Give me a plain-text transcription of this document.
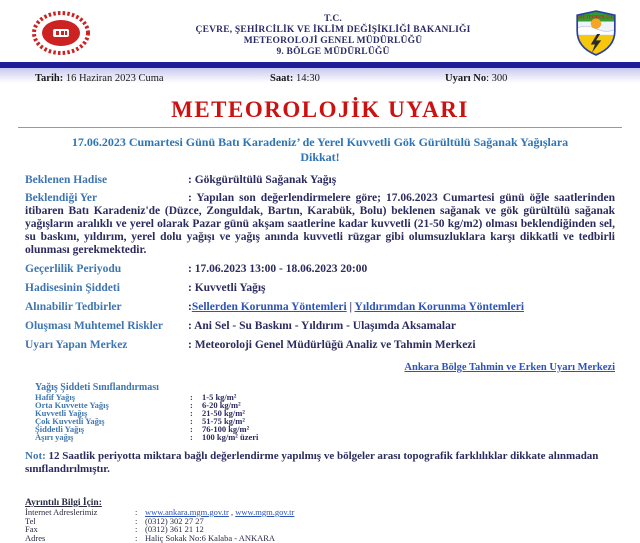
T.C.
ÇEVRE, ŞEHİRCİLİK VE İKLİM DEĞİŞİKLİĞİ BAKANLIĞI
METEOROLOJİ GENEL MÜDÜRLÜĞÜ
9. BÖLGE MÜDÜRLÜĞÜ
METEOROLOJİ
Tarih: 16 Haziran 2023 Cuma	Saat: 14:30	Uyarı No: 300
METEOROLOJİK UYARI
17.06.2023 Cumartesi Günü Batı Karadeniz’ de Yerel Kuvvetli Gök Gürültülü Sağanak Yağışlara Dikkat!
Beklenen Hadise	: Gökgürültülü Sağanak Yağış
Beklendiği Yer	: Yapılan son değerlendirmelere göre; 17.06.2023 Cumartesi günü öğle saatlerinden itibaren Batı Karadeniz'de (Düzce, Zonguldak, Bartın, Karabük, Bolu) beklenen sağanak ve gök gürültülü sağanak yağışların aralıklı ve yerel olarak Pazar günü akşam saatlerine kadar kuvvetli (21-50 kg/m2) olması beklendiğinden sel, su baskını, yıldırım, yerel dolu yağışı ve yağış anında kuvvetli rüzgar gibi olumsuzluklara karşı dikkatli ve tedbirli olunması gerekmektedir.
Geçerlilik Periyodu	: 17.06.2023 13:00 - 18.06.2023 20:00
Hadisesinin Şiddeti	: Kuvvetli Yağış
Alınabilir Tedbirler	:Sellerden Korunma Yöntemleri | Yıldırımdan Korunma Yöntemleri
Oluşması Muhtemel Riskler : Ani Sel - Su Baskını - Yıldırım - Ulaşımda Aksamalar
Uyarı Yapan Merkez	: Meteoroloji Genel Müdürlüğü Analiz ve Tahmin Merkezi
Ankara Bölge Tahmin ve Erken Uyarı Merkezi
Yağış Şiddeti Sınıflandırması
Hafif Yağış	: 1-5 kg/m²
Orta Kuvvette Yağış	: 6-20 kg/m²
Kuvvetli Yağış	: 21-50 kg/m²
Çok Kuvvetli Yağış	: 51-75 kg/m²
Şiddetli Yağış	: 76-100 kg/m²
Aşırı yağış	: 100 kg/m² üzeri
Not: 12 Saatlik periyotta miktara bağlı değerlendirme yapılmış ve bölgeler arası topografik farklılıklar dikkate alınmadan sınıflandırılmıştır.
Ayrıntılı Bilgi İçin:
İnternet Adreslerimiz	: www.ankara.mgm.gov.tr , www.mgm.gov.tr
Tel	: (0312) 302 27 27
Fax	: (0312) 361 21 12
Adres	: Haliç Sokak No:6 Kalaba - ANKARA
